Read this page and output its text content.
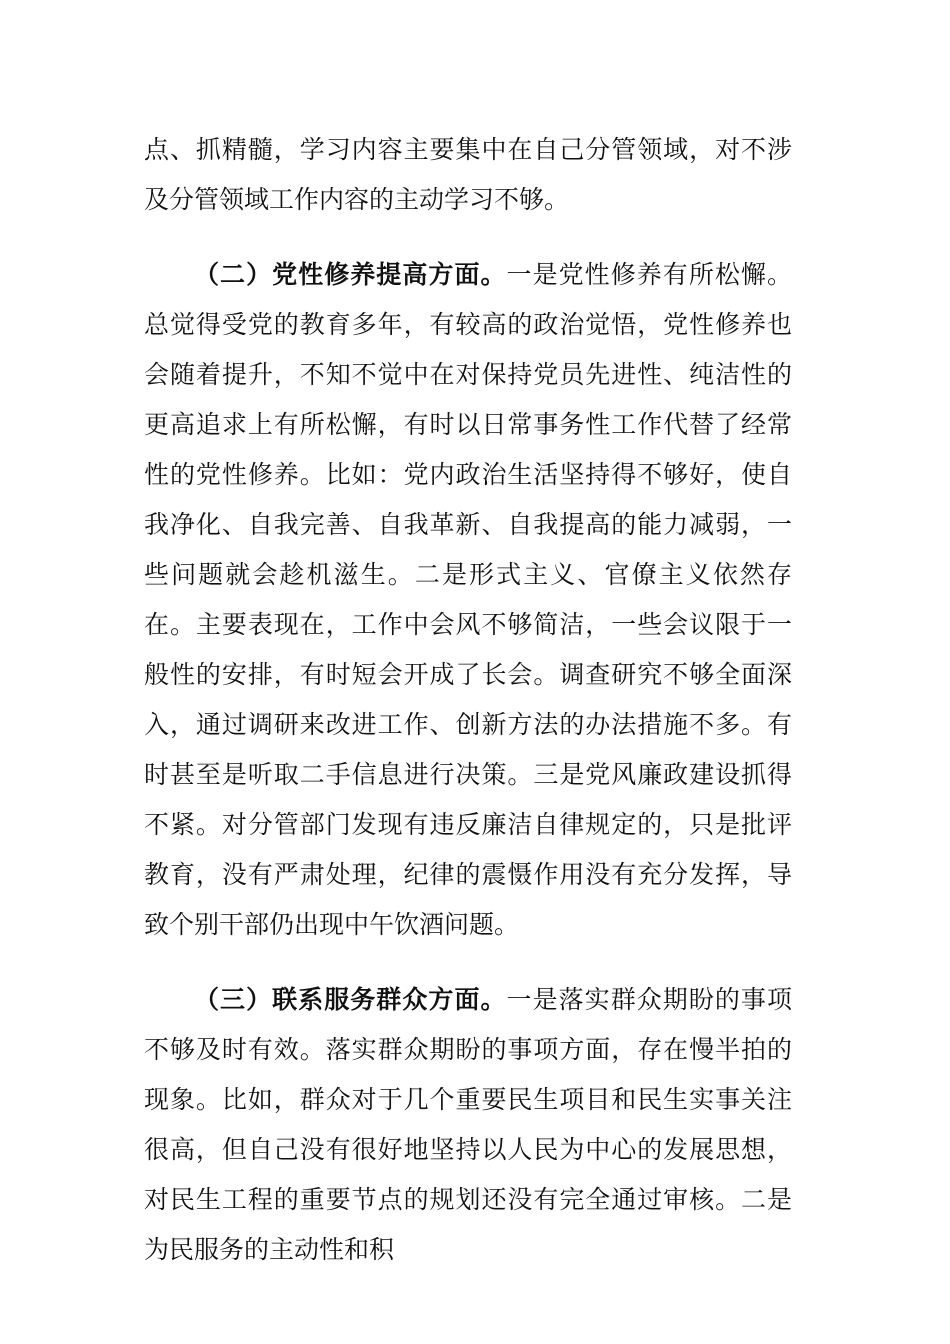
点、抓精髓，学习内容主要集中在自己分管领域，对不涉及分管领域工作内容的主动学习不够。

（二）党性修养提高方面。一是党性修养有所松懈。总觉得受党的教育多年，有较高的政治觉悟，党性修养也会随着提升，不知不觉中在对保持党员先进性、纯洁性的更高追求上有所松懈，有时以日常事务性工作代替了经常性的党性修养。比如：党内政治生活坚持得不够好，使自我净化、自我完善、自我革新、自我提高的能力减弱，一些问题就会趁机滋生。二是形式主义、官僚主义依然存在。主要表现在，工作中会风不够简洁，一些会议限于一般性的安排，有时短会开成了长会。调查研究不够全面深入，通过调研来改进工作、创新方法的办法措施不多。有时甚至是听取二手信息进行决策。三是党风廉政建设抓得不紧。对分管部门发现有违反廉洁自律规定的，只是批评教育，没有严肃处理，纪律的震慑作用没有充分发挥，导致个别干部仍出现中午饮酒问题。

（三）联系服务群众方面。一是落实群众期盼的事项不够及时有效。落实群众期盼的事项方面，存在慢半拍的现象。比如，群众对于几个重要民生项目和民生实事关注很高，但自己没有很好地坚持以人民为中心的发展思想，对民生工程的重要节点的规划还没有完全通过审核。二是为民服务的主动性和积
